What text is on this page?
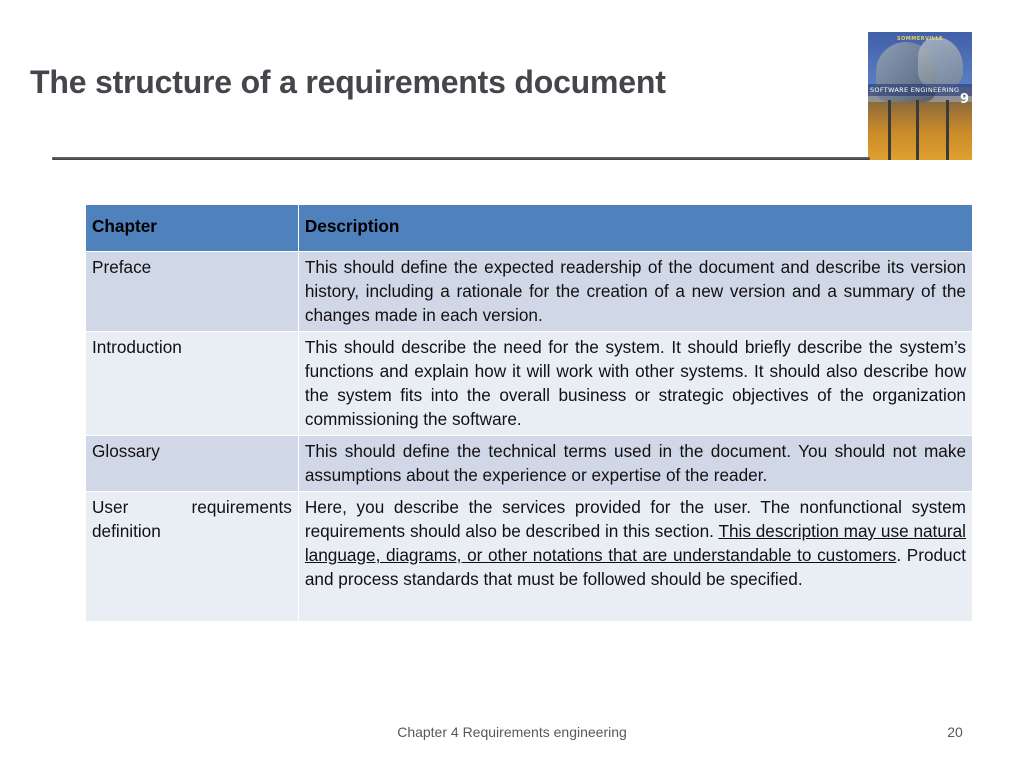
The structure of a requirements document
SOMMERVILLE
SOFTWARE ENGINEERING
9
Chapter	Description
Preface	This should define the expected readership of the document and describe its version history, including a rationale for the creation of a new version and a summary of the changes made in each version.
Introduction	This should describe the need for the system. It should briefly describe the system’s functions and explain how it will work with other systems. It should also describe how the system fits into the overall business or strategic objectives of the organization commissioning the software.
Glossary	This should define the technical terms used in the document. You should not make assumptions about the experience or expertise of the reader.
User requirements definition	Here, you describe the services provided for the user. The nonfunctional system requirements should also be described in this section. This description may use natural language, diagrams, or other notations that are understandable to customers. Product and process standards that must be followed should be specified.
Chapter 4 Requirements engineering	20
